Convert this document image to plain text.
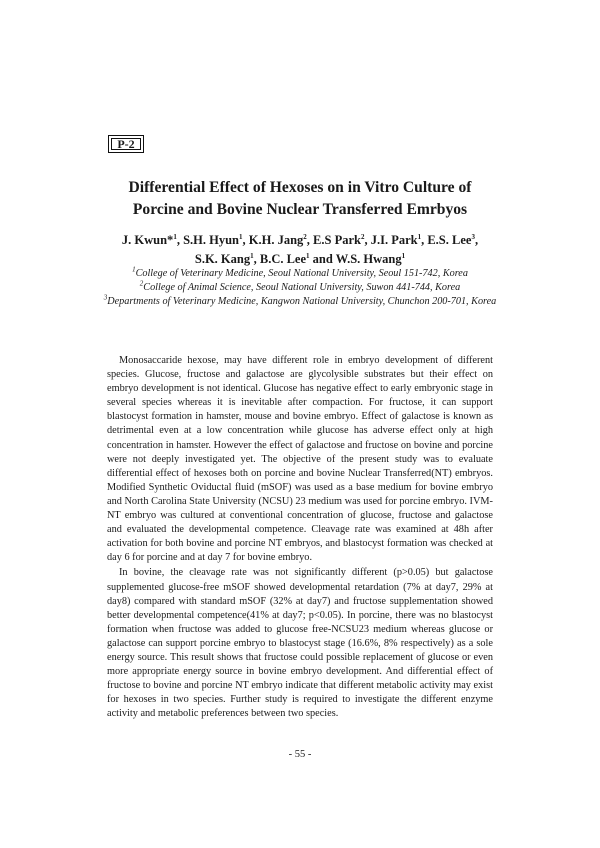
P-2
Differential Effect of Hexoses on in Vitro Culture of
Porcine and Bovine Nuclear Transferred Emrbyos
J. Kwun*$^1$, S.H. Hyun$^1$, K.H. Jang$^2$, E.S Park$^2$, J.I. Park$^1$, E.S. Lee$^3$,
S.K. Kang$^1$, B.C. Lee$^1$ and W.S. Hwang$^1$
$^1$College of Veterinary Medicine, Seoul National University, Seoul 151-742, Korea
$^2$College of Animal Science, Seoul National University, Suwon 441-744, Korea
$^3$Departments of Veterinary Medicine, Kangwon National University, Chunchon 200-701, Korea

Monosaccaride hexose, may have different role in embryo development of different species. Glucose, fructose and galactose are glycolysible substrates but their effect on embryo development is not identical. Glucose has negative effect to early embryonic stage in several species whereas it is inevitable after compaction. For fructose, it can support blastocyst formation in hamster, mouse and bovine embryo. Effect of galactose is known as detrimental even at a low concentration while glucose has adverse effect only at high concentration in hamster. However the effect of galactose and fructose on bovine and porcine were not deeply investigated yet. The objective of the present study was to evaluate differential effect of hexoses both on porcine and bovine Nuclear Transferred(NT) embryos. Modified Synthetic Oviductal fluid (mSOF) was used as a base medium for bovine embryo and North Carolina State University (NCSU) 23 medium was used for porcine embryo. IVM-NT embryo was cultured at conventional concentration of glucose, fructose and galactose and evaluated the developmental competence. Cleavage rate was examined at 48h after activation for both bovine and porcine NT embryos, and blastocyst formation was checked at day 6 for porcine and at day 7 for bovine embryo.

In bovine, the cleavage rate was not significantly different (p>0.05) but galactose supplemented glucose-free mSOF showed developmental retardation (7% at day7, 29% at day8) compared with standard mSOF (32% at day7) and fructose supplementation showed better developmental competence(41% at day7; p<0.05). In porcine, there was no blastocyst formation when fructose was added to glucose free-NCSU23 medium whereas glucose or galactose can support porcine embryo to blastocyst stage (16.6%, 8% respectively) as a sole energy source. This result shows that fructose could possible replacement of glucose or even more appropriate energy source in bovine embryo development. And differential effect of fructose to bovine and porcine NT embryo indicate that different metabolic activity may exist for hexoses in two species. Further study is required to investigate the different enzyme activity and metabolic preferences between two species.

- 55 -
